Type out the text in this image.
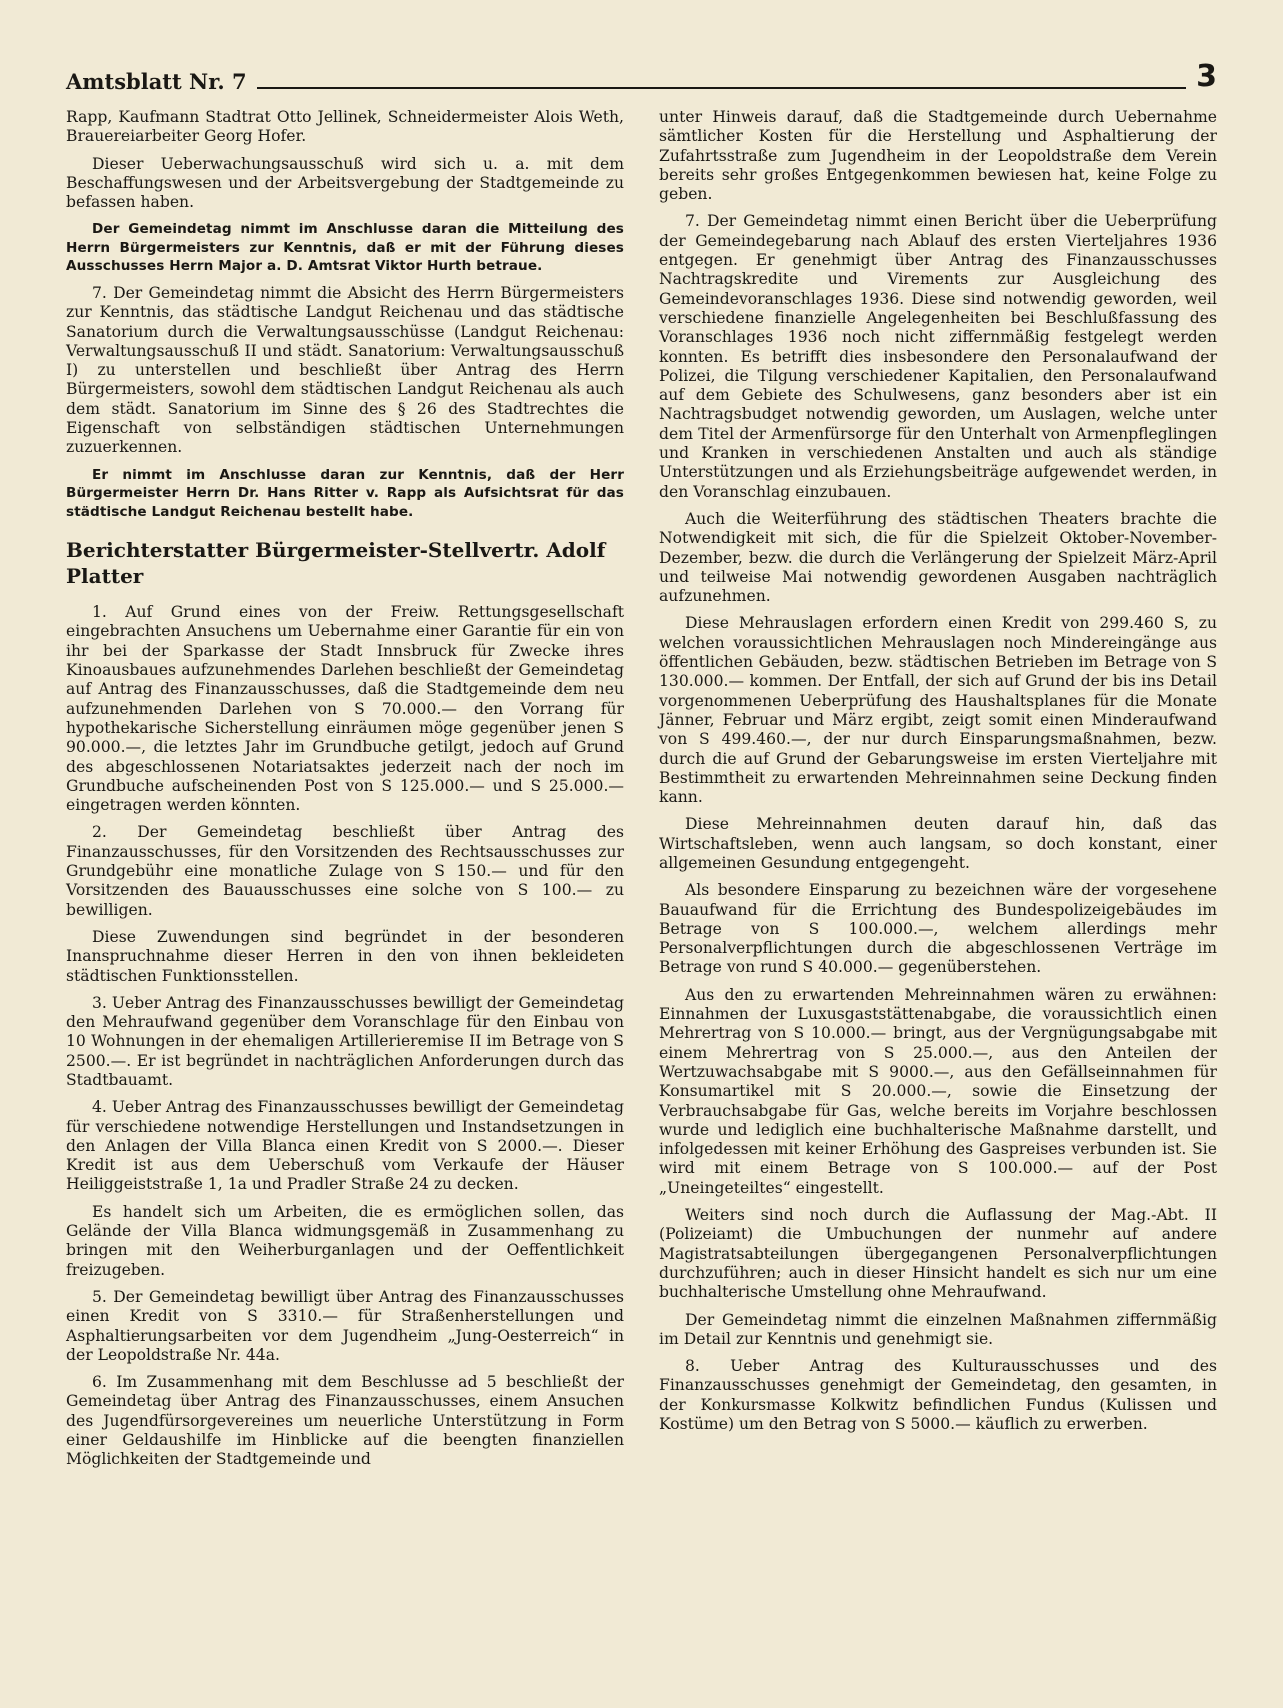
Amtsblatt Nr. 7	3

Rapp, Kaufmann Stadtrat Otto Jellinek, Schneidermeister Alois Weth, Brauereiarbeiter Georg Hofer.

Dieser Ueberwachungsausschuß wird sich u. a. mit dem Beschaffungswesen und der Arbeitsvergebung der Stadtgemeinde zu befassen haben.

Der Gemeindetag nimmt im Anschlusse daran die Mitteilung des Herrn Bürgermeisters zur Kenntnis, daß er mit der Führung dieses Ausschusses Herrn Major a. D. Amtsrat Viktor Hurth betraue.

7. Der Gemeindetag nimmt die Absicht des Herrn Bürgermeisters zur Kenntnis, das städtische Landgut Reichenau und das städtische Sanatorium durch die Verwaltungsausschüsse (Landgut Reichenau: Verwaltungsausschuß II und städt. Sanatorium: Verwaltungsausschuß I) zu unterstellen und beschließt über Antrag des Herrn Bürgermeisters, sowohl dem städtischen Landgut Reichenau als auch dem städt. Sanatorium im Sinne des § 26 des Stadtrechtes die Eigenschaft von selbständigen städtischen Unternehmungen zuzuerkennen.

Er nimmt im Anschlusse daran zur Kenntnis, daß der Herr Bürgermeister Herrn Dr. Hans Ritter v. Rapp als Aufsichtsrat für das städtische Landgut Reichenau bestellt habe.

Berichterstatter Bürgermeister-Stellvertr. Adolf Platter

1. Auf Grund eines von der Freiw. Rettungsgesellschaft eingebrachten Ansuchens um Uebernahme einer Garantie für ein von ihr bei der Sparkasse der Stadt Innsbruck für Zwecke ihres Kinoausbaues aufzunehmendes Darlehen beschließt der Gemeindetag auf Antrag des Finanzausschusses, daß die Stadtgemeinde dem neu aufzunehmenden Darlehen von S 70.000.— den Vorrang für hypothekarische Sicherstellung einräumen möge gegenüber jenen S 90.000.—, die letztes Jahr im Grundbuche getilgt, jedoch auf Grund des abgeschlossenen Notariatsaktes jederzeit nach der noch im Grundbuche aufscheinenden Post von S 125.000.— und S 25.000.— eingetragen werden könnten.

2. Der Gemeindetag beschließt über Antrag des Finanzausschusses, für den Vorsitzenden des Rechtsausschusses zur Grundgebühr eine monatliche Zulage von S 150.— und für den Vorsitzenden des Bauausschusses eine solche von S 100.— zu bewilligen.

Diese Zuwendungen sind begründet in der besonderen Inanspruchnahme dieser Herren in den von ihnen bekleideten städtischen Funktionsstellen.

3. Ueber Antrag des Finanzausschusses bewilligt der Gemeindetag den Mehraufwand gegenüber dem Voranschlage für den Einbau von 10 Wohnungen in der ehemaligen Artillerieremise II im Betrage von S 2500.—. Er ist begründet in nachträglichen Anforderungen durch das Stadtbauamt.

4. Ueber Antrag des Finanzausschusses bewilligt der Gemeindetag für verschiedene notwendige Herstellungen und Instandsetzungen in den Anlagen der Villa Blanca einen Kredit von S 2000.—. Dieser Kredit ist aus dem Ueberschuß vom Verkaufe der Häuser Heiliggeiststraße 1, 1a und Pradler Straße 24 zu decken.

Es handelt sich um Arbeiten, die es ermöglichen sollen, das Gelände der Villa Blanca widmungsgemäß in Zusammenhang zu bringen mit den Weiherburganlagen und der Oeffentlichkeit freizugeben.

5. Der Gemeindetag bewilligt über Antrag des Finanzausschusses einen Kredit von S 3310.— für Straßenherstellungen und Asphaltierungsarbeiten vor dem Jugendheim „Jung-Oesterreich“ in der Leopoldstraße Nr. 44a.

6. Im Zusammenhang mit dem Beschlusse ad 5 beschließt der Gemeindetag über Antrag des Finanzausschusses, einem Ansuchen des Jugendfürsorgevereines um neuerliche Unterstützung in Form einer Geldaushilfe im Hinblicke auf die beengten finanziellen Möglichkeiten der Stadtgemeinde und

unter Hinweis darauf, daß die Stadtgemeinde durch Uebernahme sämtlicher Kosten für die Herstellung und Asphaltierung der Zufahrtsstraße zum Jugendheim in der Leopoldstraße dem Verein bereits sehr großes Entgegenkommen bewiesen hat, keine Folge zu geben.

7. Der Gemeindetag nimmt einen Bericht über die Ueberprüfung der Gemeindegebarung nach Ablauf des ersten Vierteljahres 1936 entgegen. Er genehmigt über Antrag des Finanzausschusses Nachtragskredite und Virements zur Ausgleichung des Gemeindevoranschlages 1936. Diese sind notwendig geworden, weil verschiedene finanzielle Angelegenheiten bei Beschlußfassung des Voranschlages 1936 noch nicht ziffernmäßig festgelegt werden konnten. Es betrifft dies insbesondere den Personalaufwand der Polizei, die Tilgung verschiedener Kapitalien, den Personalaufwand auf dem Gebiete des Schulwesens, ganz besonders aber ist ein Nachtragsbudget notwendig geworden, um Auslagen, welche unter dem Titel der Armenfürsorge für den Unterhalt von Armenpfleglingen und Kranken in verschiedenen Anstalten und auch als ständige Unterstützungen und als Erziehungsbeiträge aufgewendet werden, in den Voranschlag einzubauen.

Auch die Weiterführung des städtischen Theaters brachte die Notwendigkeit mit sich, die für die Spielzeit Oktober-November-Dezember, bezw. die durch die Verlängerung der Spielzeit März-April und teilweise Mai notwendig gewordenen Ausgaben nachträglich aufzunehmen.

Diese Mehrauslagen erfordern einen Kredit von 299.460 S, zu welchen voraussichtlichen Mehrauslagen noch Mindereingänge aus öffentlichen Gebäuden, bezw. städtischen Betrieben im Betrage von S 130.000.— kommen. Der Entfall, der sich auf Grund der bis ins Detail vorgenommenen Ueberprüfung des Haushaltsplanes für die Monate Jänner, Februar und März ergibt, zeigt somit einen Minderaufwand von S 499.460.—, der nur durch Einsparungsmaßnahmen, bezw. durch die auf Grund der Gebarungsweise im ersten Vierteljahre mit Bestimmtheit zu erwartenden Mehreinnahmen seine Deckung finden kann.

Diese Mehreinnahmen deuten darauf hin, daß das Wirtschaftsleben, wenn auch langsam, so doch konstant, einer allgemeinen Gesundung entgegengeht.

Als besondere Einsparung zu bezeichnen wäre der vorgesehene Bauaufwand für die Errichtung des Bundespolizeigebäudes im Betrage von S 100.000.—, welchem allerdings mehr Personalverpflichtungen durch die abgeschlossenen Verträge im Betrage von rund S 40.000.— gegenüberstehen.

Aus den zu erwartenden Mehreinnahmen wären zu erwähnen: Einnahmen der Luxusgaststättenabgabe, die voraussichtlich einen Mehrertrag von S 10.000.— bringt, aus der Vergnügungsabgabe mit einem Mehrertrag von S 25.000.—, aus den Anteilen der Wertzuwachsabgabe mit S 9000.—, aus den Gefällseinnahmen für Konsumartikel mit S 20.000.—, sowie die Einsetzung der Verbrauchsabgabe für Gas, welche bereits im Vorjahre beschlossen wurde und lediglich eine buchhalterische Maßnahme darstellt, und infolgedessen mit keiner Erhöhung des Gaspreises verbunden ist. Sie wird mit einem Betrage von S 100.000.— auf der Post „Uneingeteiltes“ eingestellt.

Weiters sind noch durch die Auflassung der Mag.-Abt. II (Polizeiamt) die Umbuchungen der nunmehr auf andere Magistratsabteilungen übergegangenen Personalverpflichtungen durchzuführen; auch in dieser Hinsicht handelt es sich nur um eine buchhalterische Umstellung ohne Mehraufwand.

Der Gemeindetag nimmt die einzelnen Maßnahmen ziffernmäßig im Detail zur Kenntnis und genehmigt sie.

8. Ueber Antrag des Kulturausschusses und des Finanzausschusses genehmigt der Gemeindetag, den gesamten, in der Konkursmasse Kolkwitz befindlichen Fundus (Kulissen und Kostüme) um den Betrag von S 5000.— käuflich zu erwerben.
